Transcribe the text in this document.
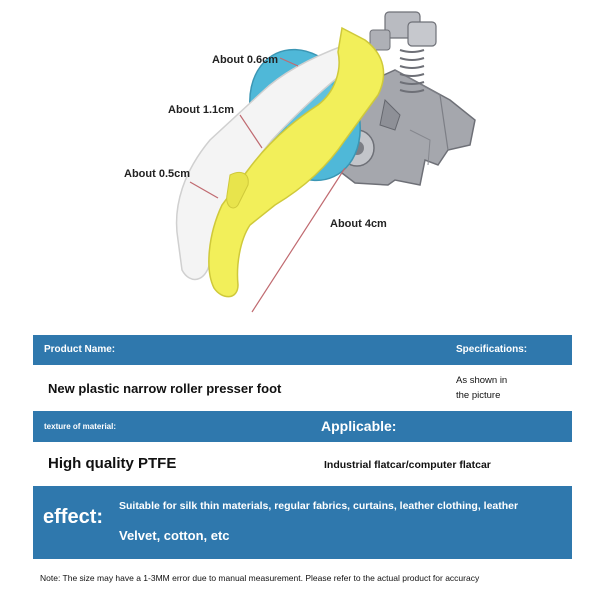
About 0.6cm
About 1.1cm
About 0.5cm
About 4cm
Product Name:	Specifications:
New plastic narrow roller presser foot
As shown in
the picture
texture of material:	Applicable:
High quality PTFE	Industrial flatcar/computer flatcar
effect: Suitable for silk thin materials, regular fabrics, curtains, leather clothing, leather
Velvet, cotton, etc
Note: The size may have a 1-3MM error due to manual measurement. Please refer to the actual product for accuracy
